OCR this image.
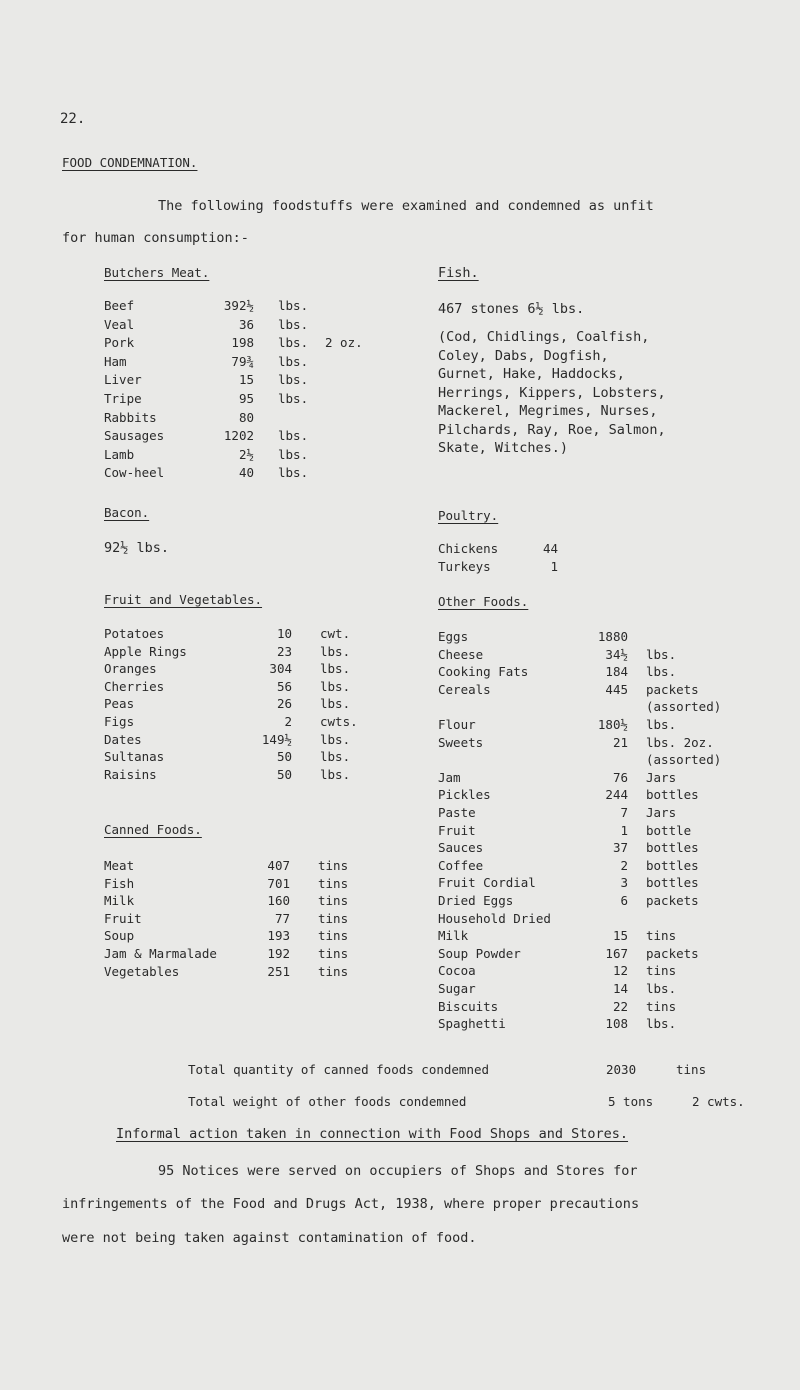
22.
FOOD CONDEMNATION.
The following foodstuffs were examined and condemned as unfit
for human consumption:-
Butchers Meat.
Beef	392½ lbs.
Veal	36 lbs.
Pork	198 lbs. 2 oz.
Ham	79¾ lbs.
Liver	15 lbs.
Tripe	95 lbs.
Rabbits	80
Sausages	1202 lbs.
Lamb	2½ lbs.
Cow-heel	40 lbs.
Fish.
467 stones 6½ lbs.
(Cod, Chidlings, Coalfish,
Coley, Dabs, Dogfish,
Gurnet, Hake, Haddocks,
Herrings, Kippers, Lobsters,
Mackerel, Megrimes, Nurses,
Pilchards, Ray, Roe, Salmon,
Skate, Witches.)
Bacon.
92½ lbs.
Poultry.
Chickens	44
Turkeys	1
Fruit and Vegetables.
Potatoes	10 cwt.
Apple Rings	23 lbs.
Oranges	304 lbs.
Cherries	56 lbs.
Peas	26 lbs.
Figs	2 cwts.
Dates	149½ lbs.
Sultanas	50 lbs.
Raisins	50 lbs.
Canned Foods.
Meat	407 tins
Fish	701 tins
Milk	160 tins
Fruit	77 tins
Soup	193 tins
Jam & Marmalade	192 tins
Vegetables	251 tins
Other Foods.
Eggs	1880
Cheese	34½ lbs.
Cooking Fats	184 lbs.
Cereals	445 packets
(assorted)
Flour	180½ lbs.
Sweets	21 lbs. 2oz.
(assorted)
Jam	76 Jars
Pickles	244 bottles
Paste	7 Jars
Fruit	1 bottle
Sauces	37 bottles
Coffee	2 bottles
Fruit Cordial	3 bottles
Dried Eggs	6 packets
Household Dried
Milk	15 tins
Soup Powder	167 packets
Cocoa	12 tins
Sugar	14 lbs.
Biscuits	22 tins
Spaghetti	108 lbs.
Total quantity of canned foods condemned	2030	tins
Total weight of other foods condemned	5 tons	2 cwts.
Informal action taken in connection with Food Shops and Stores.
95 Notices were served on occupiers of Shops and Stores for
infringements of the Food and Drugs Act, 1938, where proper precautions
were not being taken against contamination of food.
